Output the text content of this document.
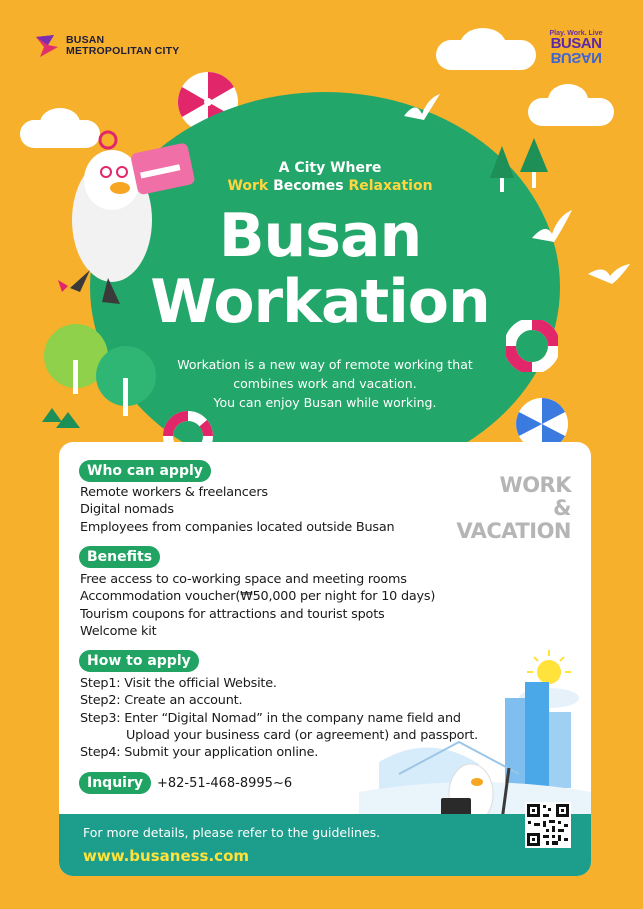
BUSAN
METROPOLITAN CITY
Play. Work. Live
BUSAN
BUSAN
A City Where
Work Becomes Relaxation
Busan
Workation
Workation is a new way of remote working that
combines work and vacation.
You can enjoy Busan while working.
WORK
&
VACATION
Who can apply
Remote workers & freelancers
Digital nomads
Employees from companies located outside Busan
Benefits
Free access to co-working space and meeting rooms
Accommodation voucher(₩50,000 per night for 10 days)
Tourism coupons for attractions and tourist spots
Welcome kit
How to apply
Step1: Visit the official Website.
Step2: Create an account.
Step3: Enter “Digital Nomad” in the company name field and
Upload your business card (or agreement) and passport.
Step4: Submit your application online.
Inquiry	+82-51-468-8995~6
For more details, please refer to the guidelines.
www.busaness.com
